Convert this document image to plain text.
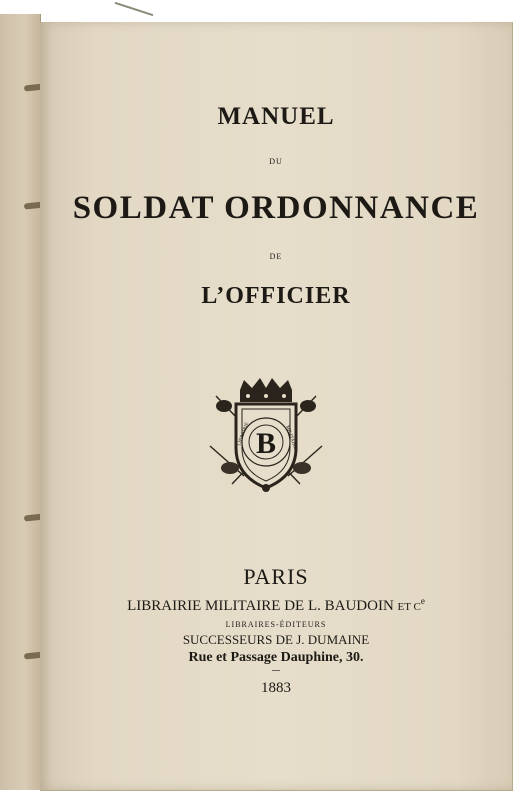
MANUEL
DU
SOLDAT ORDONNANCE
DE
L’OFFICIER
B
LIBRAIRIE	MILITAIRE
PARIS
LIBRAIRIE MILITAIRE DE L. BAUDOIN ET Ce
LIBRAIRES-ÉDITEURS
SUCCESSEURS DE J. DUMAINE
Rue et Passage Dauphine, 30.
—
1883
